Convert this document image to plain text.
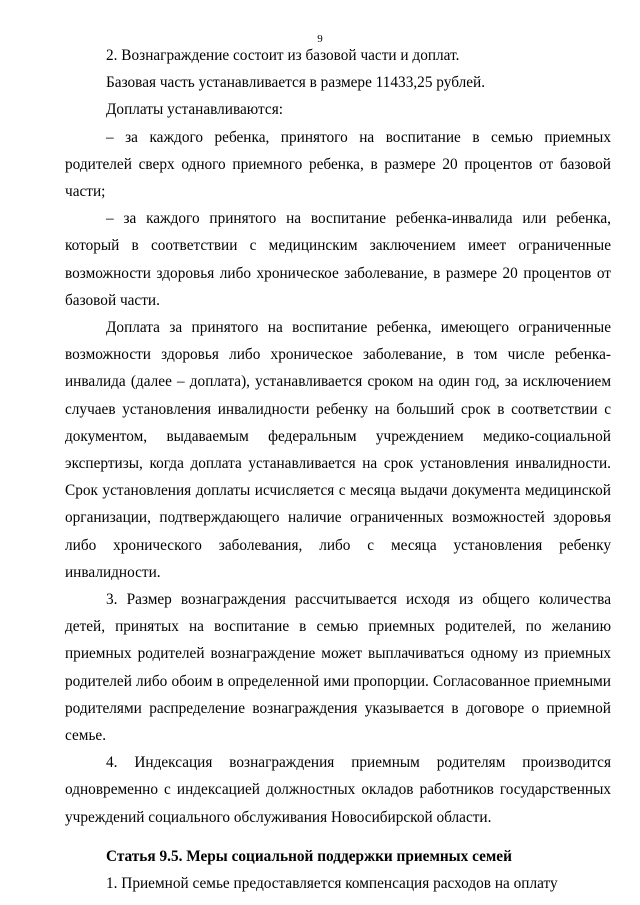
9

2. Вознаграждение состоит из базовой части и доплат.

Базовая часть устанавливается в размере 11433,25 рублей.

Доплаты устанавливаются:

– за каждого ребенка, принятого на воспитание в семью приемных родителей сверх одного приемного ребенка, в размере 20 процентов от базовой части;

– за каждого принятого на воспитание ребенка-инвалида или ребенка, который в соответствии с медицинским заключением имеет ограниченные возможности здоровья либо хроническое заболевание, в размере 20 процентов от базовой части.

Доплата за принятого на воспитание ребенка, имеющего ограниченные возможности здоровья либо хроническое заболевание, в том числе ребенка-инвалида (далее – доплата), устанавливается сроком на один год, за исключением случаев установления инвалидности ребенку на больший срок в соответствии с документом, выдаваемым федеральным учреждением медико-социальной экспертизы, когда доплата устанавливается на срок установления инвалидности. Срок установления доплаты исчисляется с месяца выдачи документа медицинской организации, подтверждающего наличие ограниченных возможностей здоровья либо хронического заболевания, либо с месяца установления ребенку инвалидности.

3. Размер вознаграждения рассчитывается исходя из общего количества детей, принятых на воспитание в семью приемных родителей, по желанию приемных родителей вознаграждение может выплачиваться одному из приемных родителей либо обоим в определенной ими пропорции. Согласованное приемными родителями распределение вознаграждения указывается в договоре о приемной семье.

4. Индексация вознаграждения приемным родителям производится одновременно с индексацией должностных окладов работников государственных учреждений социального обслуживания Новосибирской области.

Статья 9.5. Меры социальной поддержки приемных семей

1. Приемной семье предоставляется компенсация расходов на оплату
